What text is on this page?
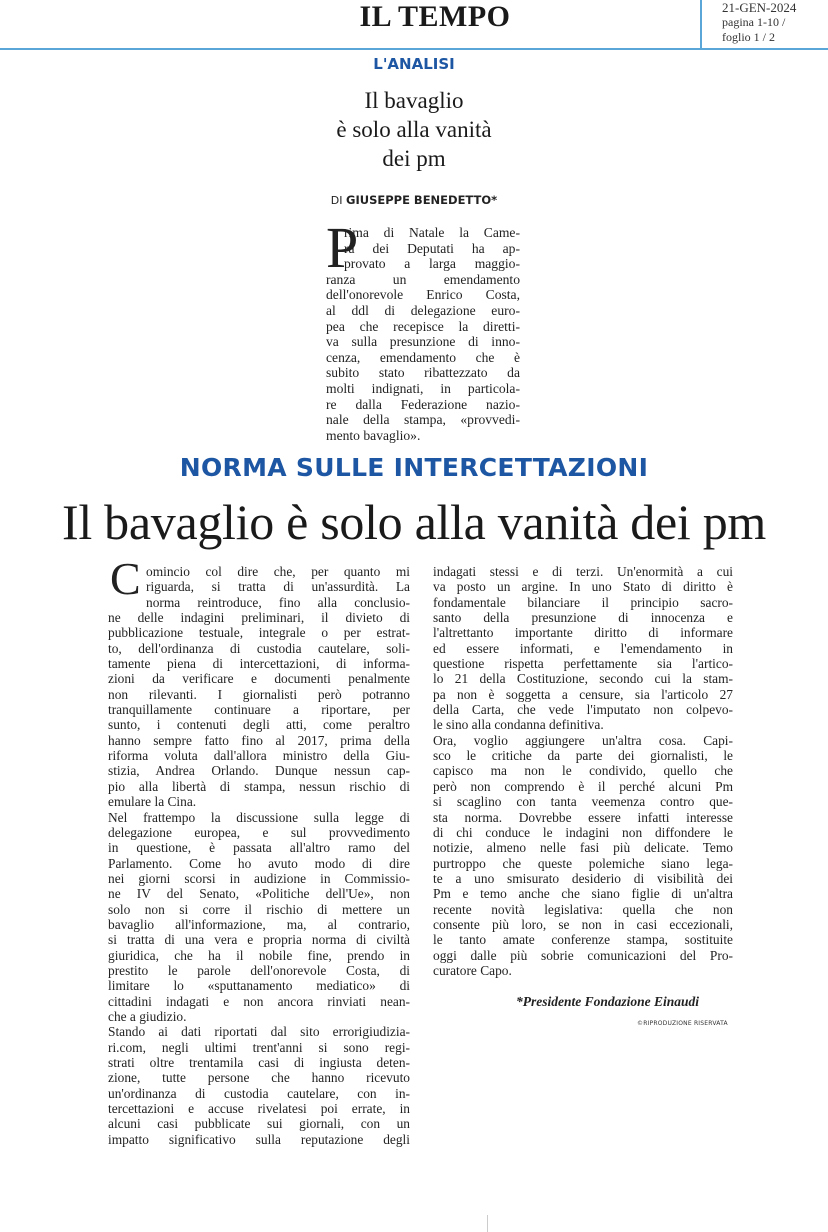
IL TEMPO	21-GEN-2024
pagina 1-10 /
foglio 1 / 2
L'ANALISI
Il bavaglio
è solo alla vanità
dei pm
DI GIUSEPPE BENEDETTO*
P
rima di Natale la Came-
ra dei Deputati ha ap-
provato a larga maggio-
ranza un emendamento
dell'onorevole Enrico Costa,
al ddl di delegazione euro-
pea che recepisce la diretti-
va sulla presunzione di inno-
cenza, emendamento che è
subito stato ribattezzato da
molti indignati, in particola-
re dalla Federazione nazio-
nale della stampa, «provvedi-
mento bavaglio».
NORMA SULLE INTERCETTAZIONI
Il bavaglio è solo alla vanità dei pm
C omincio col dire che, per quanto mi
riguarda, si tratta di un'assurdità. La
norma reintroduce, fino alla conclusio-
ne delle indagini preliminari, il divieto di
pubblicazione testuale, integrale o per estrat-
to, dell'ordinanza di custodia cautelare, soli-
tamente piena di intercettazioni, di informa-
zioni da verificare e documenti penalmente
non rilevanti. I giornalisti però potranno
tranquillamente continuare a riportare, per
sunto, i contenuti degli atti, come peraltro
hanno sempre fatto fino al 2017, prima della
riforma voluta dall'allora ministro della Giu-
stizia, Andrea Orlando. Dunque nessun cap-
pio alla libertà di stampa, nessun rischio di
emulare la Cina.
Nel frattempo la discussione sulla legge di
delegazione europea, e sul provvedimento
in questione, è passata all'altro ramo del
Parlamento. Come ho avuto modo di dire
nei giorni scorsi in audizione in Commissio-
ne IV del Senato, «Politiche dell'Ue», non
solo non si corre il rischio di mettere un
bavaglio all'informazione, ma, al contrario,
si tratta di una vera e propria norma di civiltà
giuridica, che ha il nobile fine, prendo in
prestito le parole dell'onorevole Costa, di
limitare lo «sputtanamento mediatico» di
cittadini indagati e non ancora rinviati nean-
che a giudizio.
Stando ai dati riportati dal sito errorigiudizia-
ri.com, negli ultimi trent'anni si sono regi-
strati oltre trentamila casi di ingiusta deten-
zione, tutte persone che hanno ricevuto
un'ordinanza di custodia cautelare, con in-
tercettazioni e accuse rivelatesi poi errate, in
alcuni casi pubblicate sui giornali, con un
impatto significativo sulla reputazione degli
indagati stessi e di terzi. Un'enormità a cui
va posto un argine. In uno Stato di diritto è
fondamentale bilanciare il principio sacro-
santo della presunzione di innocenza e
l'altrettanto importante diritto di informare
ed essere informati, e l'emendamento in
questione rispetta perfettamente sia l'artico-
lo 21 della Costituzione, secondo cui la stam-
pa non è soggetta a censure, sia l'articolo 27
della Carta, che vede l'imputato non colpevo-
le sino alla condanna definitiva.
Ora, voglio aggiungere un'altra cosa. Capi-
sco le critiche da parte dei giornalisti, le
capisco ma non le condivido, quello che
però non comprendo è il perché alcuni Pm
si scaglino con tanta veemenza contro que-
sta norma. Dovrebbe essere infatti interesse
di chi conduce le indagini non diffondere le
notizie, almeno nelle fasi più delicate. Temo
purtroppo che queste polemiche siano lega-
te a uno smisurato desiderio di visibilità dei
Pm e temo anche che siano figlie di un'altra
recente novità legislativa: quella che non
consente più loro, se non in casi eccezionali,
le tanto amate conferenze stampa, sostituite
oggi dalle più sobrie comunicazioni del Pro-
curatore Capo.
*Presidente Fondazione Einaudi
©RIPRODUZIONE RISERVATA
